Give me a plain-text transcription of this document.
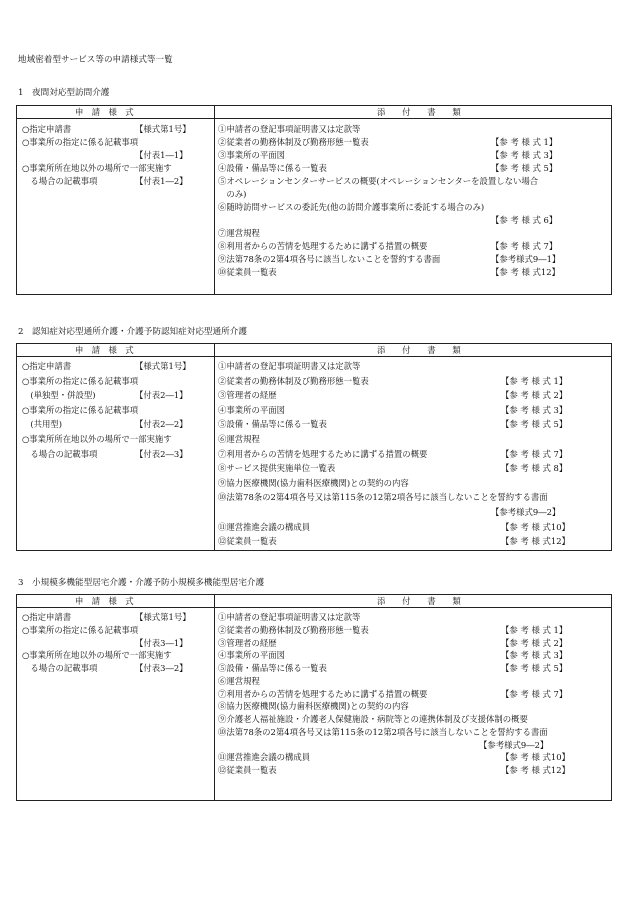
地域密着型サービス等の申請様式等一覧
1　夜間対応型訪問介護
申　請　様　式	添　　付　　書　　類
○指定申請書	【様式第1号】
○事業所の指定に係る記載事項
【付表1―1】
○事業所所在地以外の場所で一部実施す
　る場合の記載事項	【付表1―2】
①申請者の登記事項証明書又は定款等
②従業者の勤務体制及び勤務形態一覧表	【参 考 様 式 1】
③事業所の平面図	【参 考 様 式 3】
④設備・備品等に係る一覧表	【参 考 様 式 5】
⑤オペレーションセンターサービスの概要(オペレーションセンターを設置しない場合
　のみ)
⑥随時訪問サービスの委託先(他の訪問介護事業所に委託する場合のみ)
【参 考 様 式 6】
⑦運営規程
⑧利用者からの苦情を処理するために講ずる措置の概要	【参 考 様 式 7】
⑨法第78条の2第4項各号に該当しないことを誓約する書面	【参考様式9―1】
⑩従業員一覧表	【参 考 様 式12】
2　認知症対応型通所介護・介護予防認知症対応型通所介護
申　請　様　式	添　　付　　書　　類
○指定申請書	【様式第1号】
○事業所の指定に係る記載事項
　(単独型・併設型)	【付表2―1】
○事業所の指定に係る記載事項
　(共用型)	【付表2―2】
○事業所所在地以外の場所で一部実施す
　る場合の記載事項	【付表2―3】
①申請者の登記事項証明書又は定款等
②従業者の勤務体制及び勤務形態一覧表	【参 考 様 式 1】
③管理者の経歴	【参 考 様 式 2】
④事業所の平面図	【参 考 様 式 3】
⑤設備・備品等に係る一覧表	【参 考 様 式 5】
⑥運営規程
⑦利用者からの苦情を処理するために講ずる措置の概要	【参 考 様 式 7】
⑧サービス提供実施単位一覧表	【参 考 様 式 8】
⑨協力医療機関(協力歯科医療機関)との契約の内容
⑩法第78条の2第4項各号又は第115条の12第2項各号に該当しないことを誓約する書面
【参考様式9―2】
⑪運営推進会議の構成員	【参 考 様 式10】
⑫従業員一覧表	【参 考 様 式12】
3　小規模多機能型居宅介護・介護予防小規模多機能型居宅介護
申　請　様　式	添　　付　　書　　類
○指定申請書	【様式第1号】
○事業所の指定に係る記載事項
【付表3―1】
○事業所所在地以外の場所で一部実施す
　る場合の記載事項	【付表3―2】
①申請者の登記事項証明書又は定款等
②従業者の勤務体制及び勤務形態一覧表	【参 考 様 式 1】
③管理者の経歴	【参 考 様 式 2】
④事業所の平面図	【参 考 様 式 3】
⑤設備・備品等に係る一覧表	【参 考 様 式 5】
⑥運営規程
⑦利用者からの苦情を処理するために講ずる措置の概要	【参 考 様 式 7】
⑧協力医療機関(協力歯科医療機関)との契約の内容
⑨介護老人福祉施設・介護老人保健施設・病院等との連携体制及び支援体制の概要
⑩法第78条の2第4項各号又は第115条の12第2項各号に該当しないことを誓約する書面
【参考様式9―2】
⑪運営推進会議の構成員	【参 考 様 式10】
⑫従業員一覧表	【参 考 様 式12】
